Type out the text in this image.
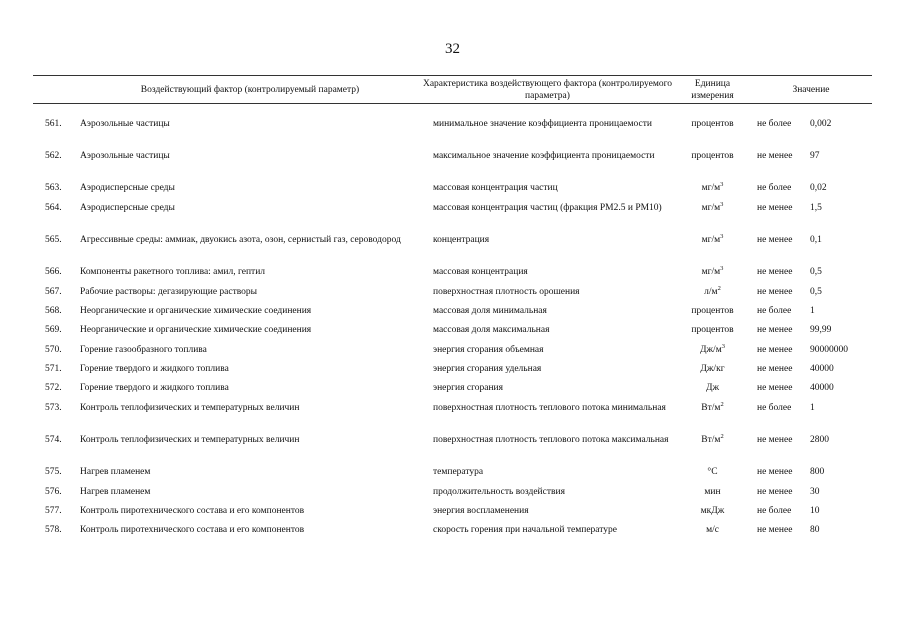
32
Воздействующий фактор (контролируемый параметр)
Характеристика воздействующего фактора (контролируемого параметра)
Единица измерения
Значение
561.	Аэрозольные частицы	минимальное значение коэффициента проницаемости	процентов	не более	0,002
562.	Аэрозольные частицы	максимальное значение коэффициента проницаемости	процентов	не менее	97
563.	Аэродисперсные среды	массовая концентрация частиц	$мг/м^3$	не более	0,02
564.	Аэродисперсные среды	массовая концентрация частиц (фракция РМ2.5 и РМ10)	$мг/м^3$	не менее	1,5
565.	Агрессивные среды: аммиак, двуокись азота, озон, сернистый газ, сероводород	концентрация	$мг/м^3$	не менее	0,1
566.	Компоненты ракетного топлива: амил, гептил	массовая концентрация	$мг/м^3$	не менее	0,5
567.	Рабочие растворы: дегазирующие растворы	поверхностная плотность орошения	$л/м^2$	не менее	0,5
568.	Неорганические и органические химические соединения	массовая доля минимальная	процентов	не более	1
569.	Неорганические и органические химические соединения	массовая доля максимальная	процентов	не менее	99,99
570.	Горение газообразного топлива	энергия сгорания объемная	$Дж/м^3$	не менее	90000000
571.	Горение твердого и жидкого топлива	энергия сгорания удельная	Дж/кг	не менее	40000
572.	Горение твердого и жидкого топлива	энергия сгорания	Дж	не менее	40000
573.	Контроль теплофизических и температурных величин	поверхностная плотность теплового потока минимальная	$Вт/м^2$	не более	1
574.	Контроль теплофизических и температурных величин	поверхностная плотность теплового потока максимальная	$Вт/м^2$	не менее	2800
575.	Нагрев пламенем	температура	°С	не менее	800
576.	Нагрев пламенем	продолжительность воздействия	мин	не менее	30
577.	Контроль пиротехнического состава и его компонентов	энергия воспламенения	мкДж	не более	10
578.	Контроль пиротехнического состава и его компонентов	скорость горения при начальной температуре	м/с	не менее	80
